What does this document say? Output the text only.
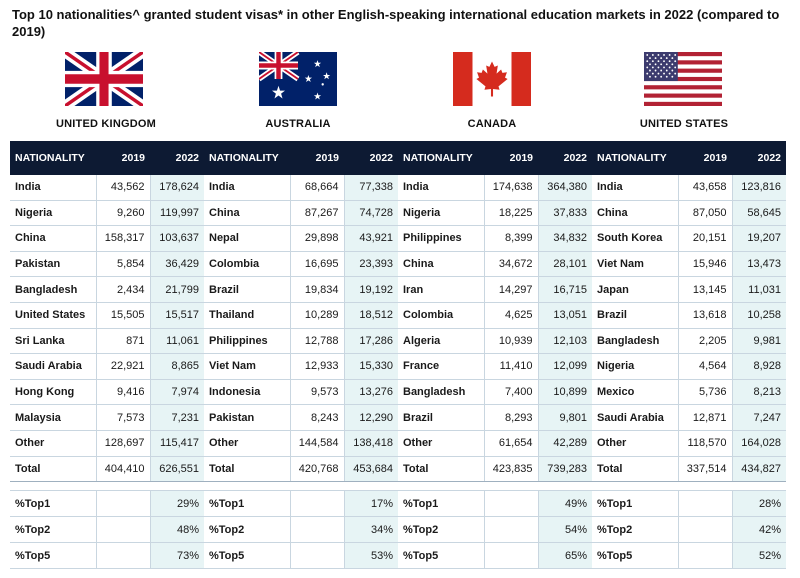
Top 10 nationalities^ granted student visas* in other English-speaking international education markets in 2022 (compared to 2019)
UNITED KINGDOM	AUSTRALIA	CANADA	UNITED STATES
NATIONALITY	2019	2022	NATIONALITY	2019	2022	NATIONALITY	2019	2022	NATIONALITY	2019	2022
India	43,562	178,624	India	68,664	77,338	India	174,638	364,380	India	43,658	123,816
Nigeria	9,260	119,997	China	87,267	74,728	Nigeria	18,225	37,833	China	87,050	58,645
China	158,317	103,637	Nepal	29,898	43,921	Philippines	8,399	34,832	South Korea	20,151	19,207
Pakistan	5,854	36,429	Colombia	16,695	23,393	China	34,672	28,101	Viet Nam	15,946	13,473
Bangladesh	2,434	21,799	Brazil	19,834	19,192	Iran	14,297	16,715	Japan	13,145	11,031
United States	15,505	15,517	Thailand	10,289	18,512	Colombia	4,625	13,051	Brazil	13,618	10,258
Sri Lanka	871	11,061	Philippines	12,788	17,286	Algeria	10,939	12,103	Bangladesh	2,205	9,981
Saudi Arabia	22,921	8,865	Viet Nam	12,933	15,330	France	11,410	12,099	Nigeria	4,564	8,928
Hong Kong	9,416	7,974	Indonesia	9,573	13,276	Bangladesh	7,400	10,899	Mexico	5,736	8,213
Malaysia	7,573	7,231	Pakistan	8,243	12,290	Brazil	8,293	9,801	Saudi Arabia	12,871	7,247
Other	128,697	115,417	Other	144,584	138,418	Other	61,654	42,289	Other	118,570	164,028
Total	404,410	626,551	Total	420,768	453,684	Total	423,835	739,283	Total	337,514	434,827
%Top1		29%	%Top1		17%	%Top1		49%	%Top1		28%
%Top2		48%	%Top2		34%	%Top2		54%	%Top2		42%
%Top5		73%	%Top5		53%	%Top5		65%	%Top5		52%
